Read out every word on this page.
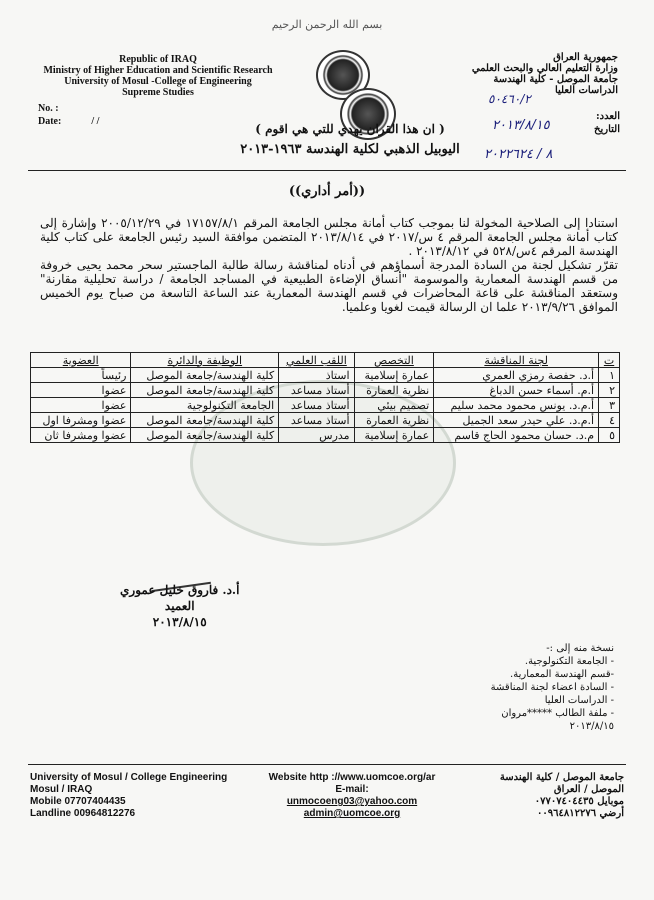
بسم الله الرحمن الرحيم
Republic of IRAQ
Ministry of Higher Education and Scientific Research
University of Mosul -College of Engineering
Supreme Studies
جمهورية العراق
وزارة التعليم العالي والبحث العلمي
جامعة الموصل - كلية الهندسة
الدراسات العليا
No. :
Date:	/ /	العدد:
التاريخ
٥٠٤٦٠/٢
٢٠١٣/٨/١٥
٨ / ٢٠٢٢٦٢٤
( ان هذا القران يهدي للتي هي اقوم )
اليوبيل الذهبي لكلية الهندسة ١٩٦٣-٢٠١٣
((أمر أداري))

استنادا إلى الصلاحية المخولة لنا بموجب كتاب أمانة مجلس الجامعة المرقم ١٧١٥٧/٨/١ في ٢٠٠٥/١٢/٢٩ وإشارة إلى كتاب أمانة مجلس الجامعة المرقم ٤ س/٢٠١٧ في ٢٠١٣/٨/١٤ المتضمن موافقة السيد رئيس الجامعة على كتاب كلية الهندسة المرقم ٤س/٥٢٨ في ٢٠١٣/٨/١٢ .

تقرّر تشكيل لجنة من السادة المدرجة أسماؤهم في أدناه لمناقشة رسالة طالبة الماجستير سحر محمد يحيى خروفة من قسم الهندسة المعمارية والموسومة "أنساق الإضاءة الطبيعية في المساجد الجامعة / دراسة تحليلية مقارنة" وستعقد المناقشة على قاعة المحاضرات في قسم الهندسة المعمارية عند الساعة التاسعة من صباح يوم الخميس الموافق ٢٠١٣/٩/٢٦ علما ان الرسالة قيمت لغويا وعلميا.

ت	لجنة المناقشة	التخصص	اللقب العلمي	الوظيفة والدائرة	العضوية
١	أ.د. حفصة رمزي العمري	عمارة إسلامية	استاذ	كلية الهندسة/جامعة الموصل	رئيساً
٢	أ.م. أسماء حسن الدباغ	نظرية العمارة	أستاذ مساعد	كلية الهندسة/جامعة الموصل	عضوا
٣	أ.م.د. يونس محمود محمد سليم	تصميم بيئي	أستاذ مساعد	الجامعة التكنولوجية	عضوا
٤	أ.م.د. علي حيدر سعد الجميل	نظرية العمارة	أستاذ مساعد	كلية الهندسة/جامعة الموصل	عضوا ومشرفا اول
٥	م.د. حسان محمود الحاج قاسم	عمارة إسلامية	مدرس	كلية الهندسة/جامعة الموصل	عضوا ومشرفا ثان
أ.د. فاروق خليل عموري
العميد
٢٠١٣/٨/١٥
نسخة منه إلى :-
- الجامعة التكنولوجية.
-قسم الهندسة المعمارية.
- السادة اعضاء لجنة المناقشة
- الدراسات العليا
- ملفة الطالب *****مروان
٢٠١٣/٨/١٥
University of Mosul / College Engineering
Mosul / IRAQ
Mobile 07707404435
Landline 00964812276
Website http ://www.uomcoe.org/ar
E-mail:
unmocoeng03@yahoo.com
admin@uomcoe.org
جامعة الموصل / كلية الهندسة
الموصل / العراق
موبايل ٠٧٧٠٧٤٠٤٤٣٥
أرضي ٠٠٩٦٤٨١٢٢٧٦
